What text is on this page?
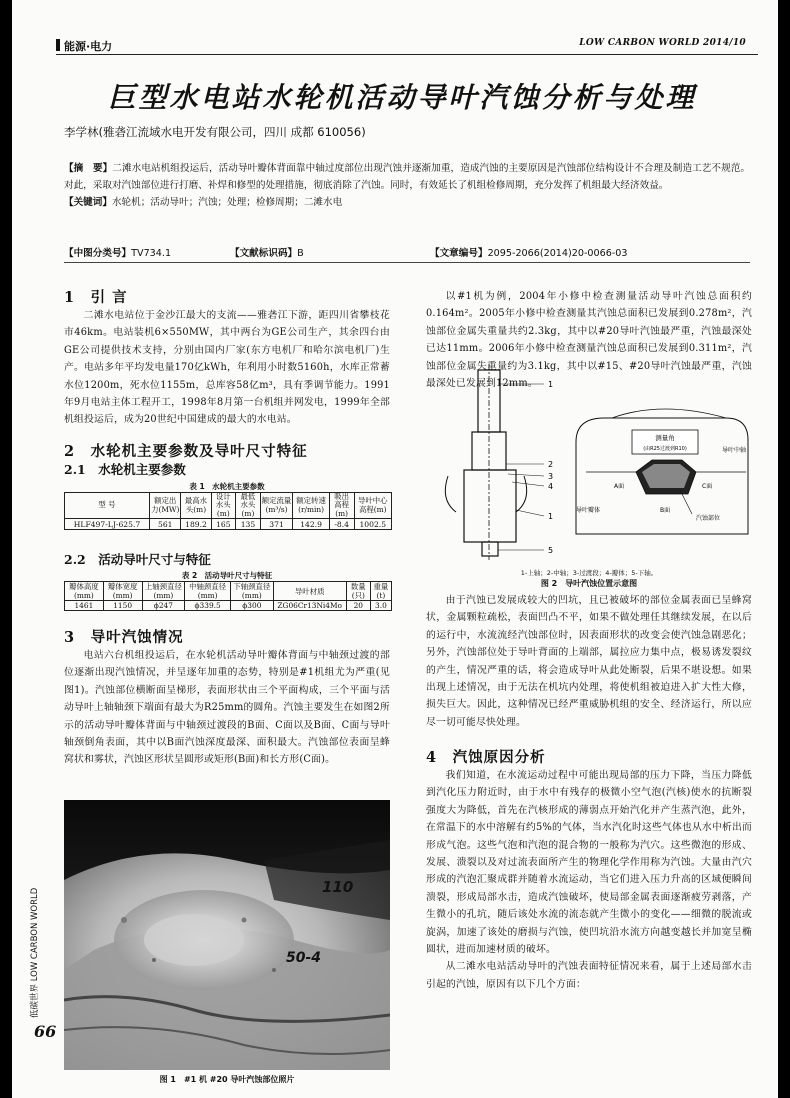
能源·电力	LOW CARBON WORLD 2014/10
巨型水电站水轮机活动导叶汽蚀分析与处理
李学林(雅砻江流域水电开发有限公司，四川 成都 610056)
【摘　要】二滩水电站机组投运后，活动导叶瓣体背面靠中轴过度部位出现汽蚀并逐渐加重，造成汽蚀的主要原因是汽蚀部位结构设计不合理及制造工艺不规范。对此，采取对汽蚀部位进行打磨、补焊和修型的处理措施，彻底消除了汽蚀。同时，有效延长了机组检修周期，充分发挥了机组最大经济效益。
【关键词】水轮机；活动导叶；汽蚀；处理；检修周期；二滩水电
【中图分类号】TV734.1	【文献标识码】B	【文章编号】2095-2066(2014)20-0066-03
1　引 言

二滩水电站位于金沙江最大的支流——雅砻江下游，距四川省攀枝花市46km。电站装机6×550MW，其中两台为GE公司生产，其余四台由GE公司提供技术支持，分别由国内厂家(东方电机厂和哈尔滨电机厂)生产。电站多年平均发电量170亿kWh，年利用小时数5160h，水库正常蓄水位1200m，死水位1155m，总库容58亿m³，具有季调节能力。1991年9月电站主体工程开工，1998年8月第一台机组并网发电，1999年全部机组投运后，成为20世纪中国建成的最大的水电站。

2　水轮机主要参数及导叶尺寸特征
2.1　水轮机主要参数
表 1　水轮机主要参数
型 号	额定出力(MW)	最高水头(m)	设计水头(m)	最低水头(m)	额定流量(m³/s)	额定转速(r/min)	吸出高程(m)	导叶中心高程(m)
HLF497-LJ-625.7	561	189.2	165	135	371	142.9	-8.4	1002.5
2.2　活动导叶尺寸与特征
表 2　活动导叶尺寸与特征
瓣体高度(mm)	瓣体宽度(mm)	上轴颈直径(mm)	中轴颈直径(mm)	下轴颈直径(mm)	导叶材质	数量(只)	重量(t)
1461	1150	ϕ247	ϕ339.5	ϕ300	ZG06Cr13Ni4Mo	20	3.0
3　导叶汽蚀情况

电站六台机组投运后，在水轮机活动导叶瓣体背面与中轴颈过渡的部位逐渐出现汽蚀情况，并呈逐年加重的态势，特别是#1机组尤为严重(见图1)。汽蚀部位横断面呈梯形，表面形状由三个平面构成，三个平面与活动导叶上轴轴颈下端面有最大为R25mm的圆角。汽蚀主要发生在如图2所示的活动导叶瓣体背面与中轴颈过渡段的B面、C面以及B面、C面与导叶轴颈倒角表面，其中以B面汽蚀深度最深、面积最大。汽蚀部位表面呈蜂窝状和雾状，汽蚀区形状呈圆形或矩形(B面)和长方形(C面)。

110
50-4
图 1　#1 机 #20 导叶汽蚀部位照片

以#1机为例，2004年小修中检查测量活动导叶汽蚀总面积约0.164m²。2005年小修中检查测量其汽蚀总面积已发展到0.278m²，汽蚀部位金属失重量共约2.3kg，其中以#20导叶汽蚀最严重，汽蚀最深处已达11mm。2006年小修中检查测量汽蚀总面积已发展到0.311m²，汽蚀部位金属失重量约为3.1kg，其中以#15、#20导叶汽蚀最严重，汽蚀最深处已发展到12mm。	1
2
3
4
1
5
测量角
(由R25过渡到R10)	导叶中轴
A面
B面
C面
导叶瓣体
汽蚀部位
1-上轴；2-中轴；3-过渡段；4-瓣体；5-下轴。
图 2　导叶汽蚀位置示意图

由于汽蚀已发展成较大的凹坑，且已被破坏的部位金属表面已呈蜂窝状，金属颗粒疏松，表面凹凸不平，如果不做处理任其继续发展，在以后的运行中，水流流经汽蚀部位时，因表面形状的改变会使汽蚀急剧恶化；另外，汽蚀部位处于导叶背面的上端部，属拉应力集中点，极易诱发裂纹的产生，情况严重的话，将会造成导叶从此处断裂，后果不堪设想。如果出现上述情况，由于无法在机坑内处理，将使机组被迫进入扩大性大修，损失巨大。因此，这种情况已经严重威胁机组的安全、经济运行，所以应尽一切可能尽快处理。

4　汽蚀原因分析

我们知道，在水流运动过程中可能出现局部的压力下降，当压力降低到汽化压力附近时，由于水中有残存的极微小空气泡(汽核)使水的抗断裂强度大为降低，首先在汽核形成的薄弱点开始汽化并产生蒸汽泡，此外，在常温下的水中溶解有约5%的气体，当水汽化时这些气体也从水中析出而形成气泡。这些气泡和汽泡的混合物的一般称为汽穴。这些微泡的形成、发展、溃裂以及对过流表面所产生的物理化学作用称为汽蚀。大量由汽穴形成的汽泡汇聚成群并随着水流运动，当它们进入压力升高的区域便瞬间溃裂，形成局部水击，造成汽蚀破坏，使局部金属表面逐渐疲劳剥落，产生微小的孔坑，随后该处水流的流态就产生微小的变化——细微的脱流或旋涡，加速了该处的磨损与汽蚀，使凹坑沿水流方向越变越长并加宽呈椭圆状，进而加速材质的破坏。

从二滩水电站活动导叶的汽蚀表面特征情况来看，属于上述局部水击引起的汽蚀，原因有以下几个方面：

低碳世界 LOW CARBON WORLD
66
